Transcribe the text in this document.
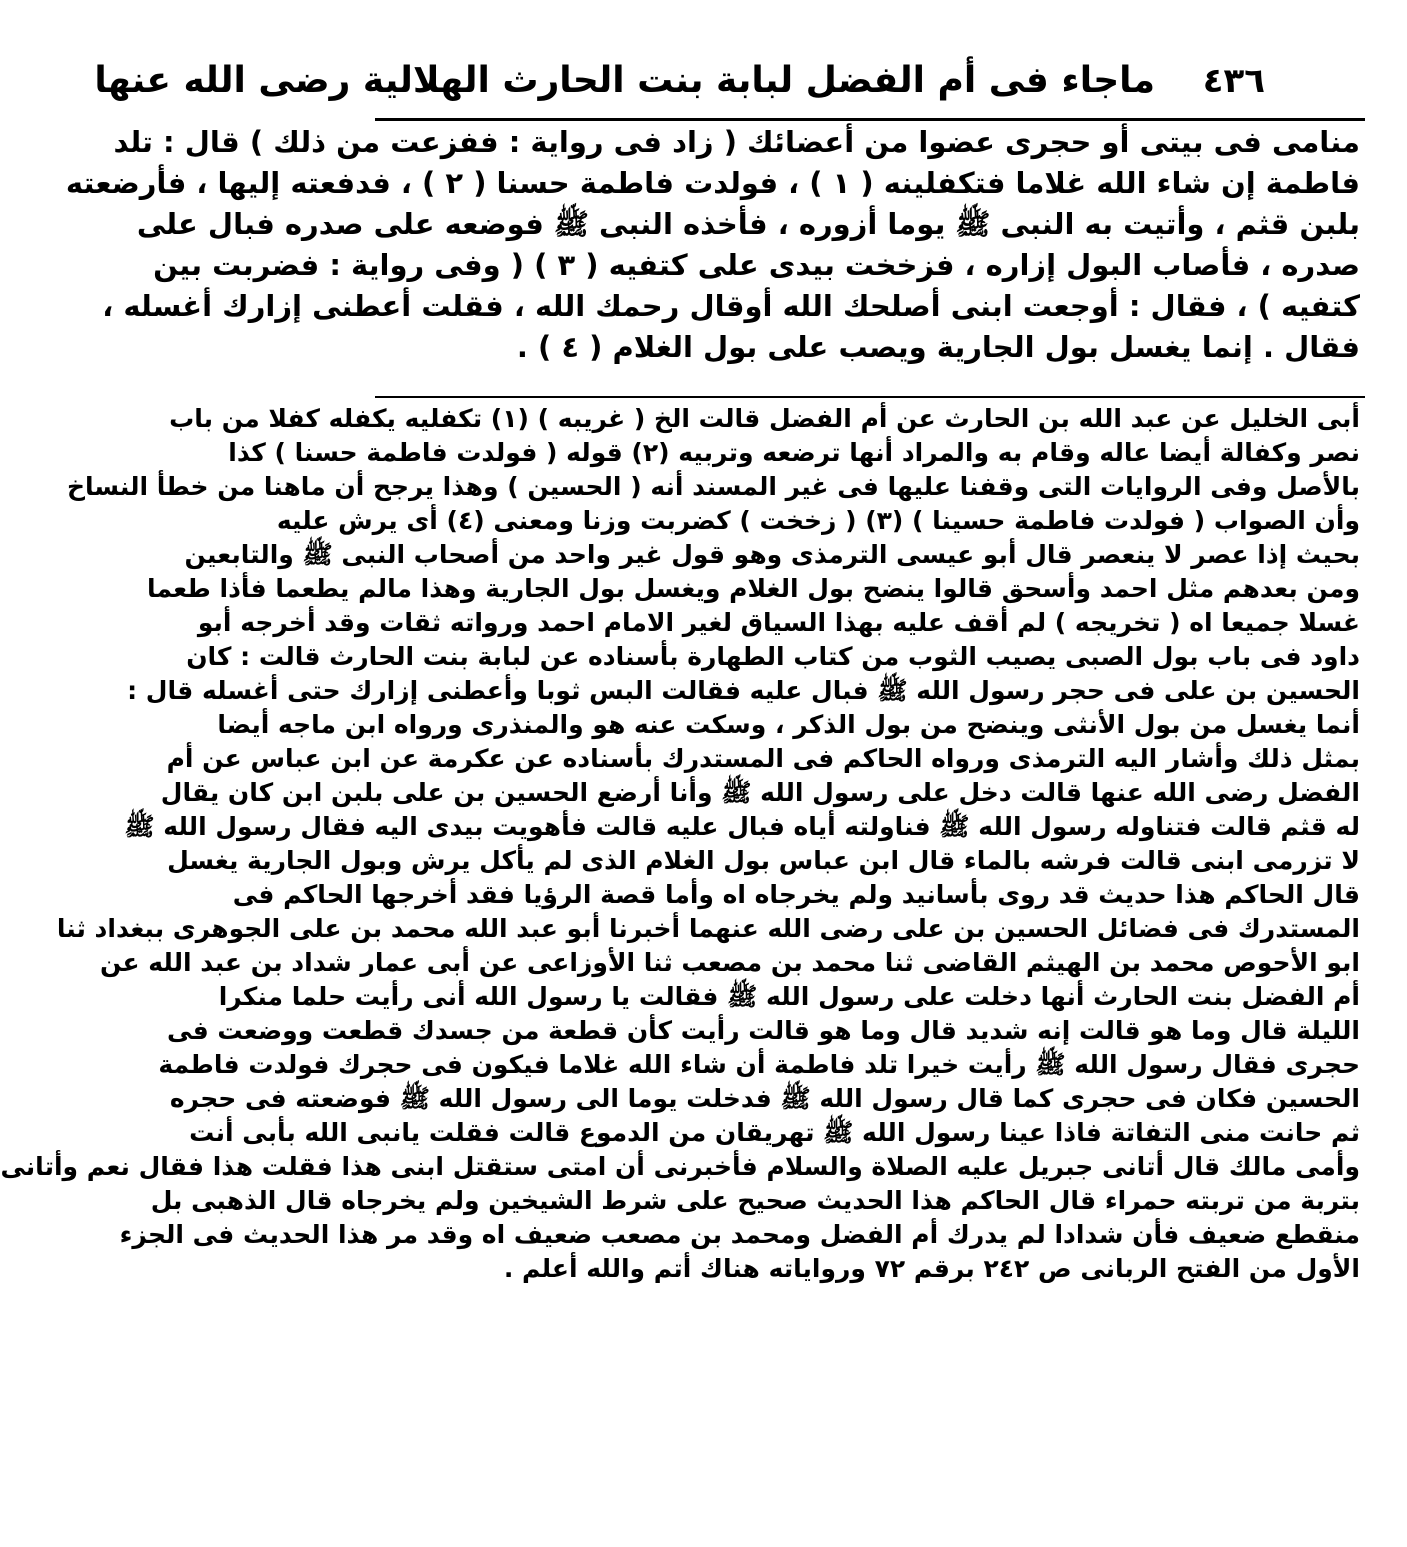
٤٣٦
ماجاء فى أم الفضل لبابة بنت الحارث الهلالية رضى الله عنها
منامى فى بيتى أو حجرى عضوا من أعضائك ( زاد فى رواية : ففزعت من ذلك ) قال : تلد
فاطمة إن شاء الله غلاما فتكفلينه ( ١ ) ، فولدت فاطمة حسنا ( ٢ ) ، فدفعته إليها ، فأرضعته
بلبن قثم ، وأتيت به النبى ﷺ يوما أزوره ، فأخذه النبى ﷺ فوضعه على صدره فبال على
صدره ، فأصاب البول إزاره ، فزخخت بيدى على كتفيه ( ٣ ) ( وفى رواية : فضربت بين
كتفيه ) ، فقال : أوجعت ابنى أصلحك الله أوقال رحمك الله ، فقلت أعطنى إزارك أغسله ،
فقال . إنما يغسل بول الجارية ويصب على بول الغلام ( ٤ ) .
أبى الخليل عن عبد الله بن الحارث عن أم الفضل قالت الخ ( غريبه ) (١) تكفليه يكفله كفلا من باب
نصر وكفالة أيضا عاله وقام به والمراد أنها ترضعه وتربيه (٢) قوله ( فولدت فاطمة حسنا ) كذا
بالأصل وفى الروايات التى وقفنا عليها فى غير المسند أنه ( الحسين ) وهذا يرجح أن ماهنا من خطأ النساخ
وأن الصواب ( فولدت فاطمة حسينا ) (٣) ( زخخت ) كضربت وزنا ومعنى (٤) أى يرش عليه
بحيث إذا عصر لا ينعصر قال أبو عيسى الترمذى وهو قول غير واحد من أصحاب النبى ﷺ والتابعين
ومن بعدهم مثل احمد وأسحق قالوا ينضح بول الغلام ويغسل بول الجارية وهذا مالم يطعما فأذا طعما
غسلا جميعا اه ( تخريجه ) لم أقف عليه بهذا السياق لغير الامام احمد ورواته ثقات وقد أخرجه أبو
داود فى باب بول الصبى يصيب الثوب من كتاب الطهارة بأسناده عن لبابة بنت الحارث قالت : كان
الحسين بن على فى حجر رسول الله ﷺ فبال عليه فقالت البس ثوبا وأعطنى إزارك حتى أغسله قال :
أنما يغسل من بول الأنثى وينضح من بول الذكر ، وسكت عنه هو والمنذرى ورواه ابن ماجه أيضا
بمثل ذلك وأشار اليه الترمذى ورواه الحاكم فى المستدرك بأسناده عن عكرمة عن ابن عباس عن أم
الفضل رضى الله عنها قالت دخل على رسول الله ﷺ وأنا أرضع الحسين بن على بلبن ابن كان يقال
له قثم قالت فتناوله رسول الله ﷺ فناولته أياه فبال عليه قالت فأهويت بيدى اليه فقال رسول الله ﷺ
لا تزرمى ابنى قالت فرشه بالماء قال ابن عباس بول الغلام الذى لم يأكل يرش وبول الجارية يغسل
قال الحاكم هذا حديث قد روى بأسانيد ولم يخرجاه اه وأما قصة الرؤيا فقد أخرجها الحاكم فى
المستدرك فى فضائل الحسين بن على رضى الله عنهما أخبرنا أبو عبد الله محمد بن على الجوهرى ببغداد ثنا
ابو الأحوص محمد بن الهيثم القاضى ثنا محمد بن مصعب ثنا الأوزاعى عن أبى عمار شداد بن عبد الله عن
أم الفضل بنت الحارث أنها دخلت على رسول الله ﷺ فقالت يا رسول الله أنى رأيت حلما منكرا
الليلة قال وما هو قالت إنه شديد قال وما هو قالت رأيت كأن قطعة من جسدك قطعت ووضعت فى
حجرى فقال رسول الله ﷺ رأيت خيرا تلد فاطمة أن شاء الله غلاما فيكون فى حجرك فولدت فاطمة
الحسين فكان فى حجرى كما قال رسول الله ﷺ فدخلت يوما الى رسول الله ﷺ فوضعته فى حجره
ثم حانت منى التفاتة فاذا عينا رسول الله ﷺ تهريقان من الدموع قالت فقلت يانبى الله بأبى أنت
وأمى مالك قال أتانى جبريل عليه الصلاة والسلام فأخبرنى أن امتى ستقتل ابنى هذا فقلت هذا فقال نعم وأتانى
بتربة من تربته حمراء قال الحاكم هذا الحديث صحيح على شرط الشيخين ولم يخرجاه قال الذهبى بل
منقطع ضعيف فأن شدادا لم يدرك أم الفضل ومحمد بن مصعب ضعيف اه وقد مر هذا الحديث فى الجزء
الأول من الفتح الربانى ص ٢٤٢ برقم ٧٢ ورواياته هناك أتم والله أعلم .
